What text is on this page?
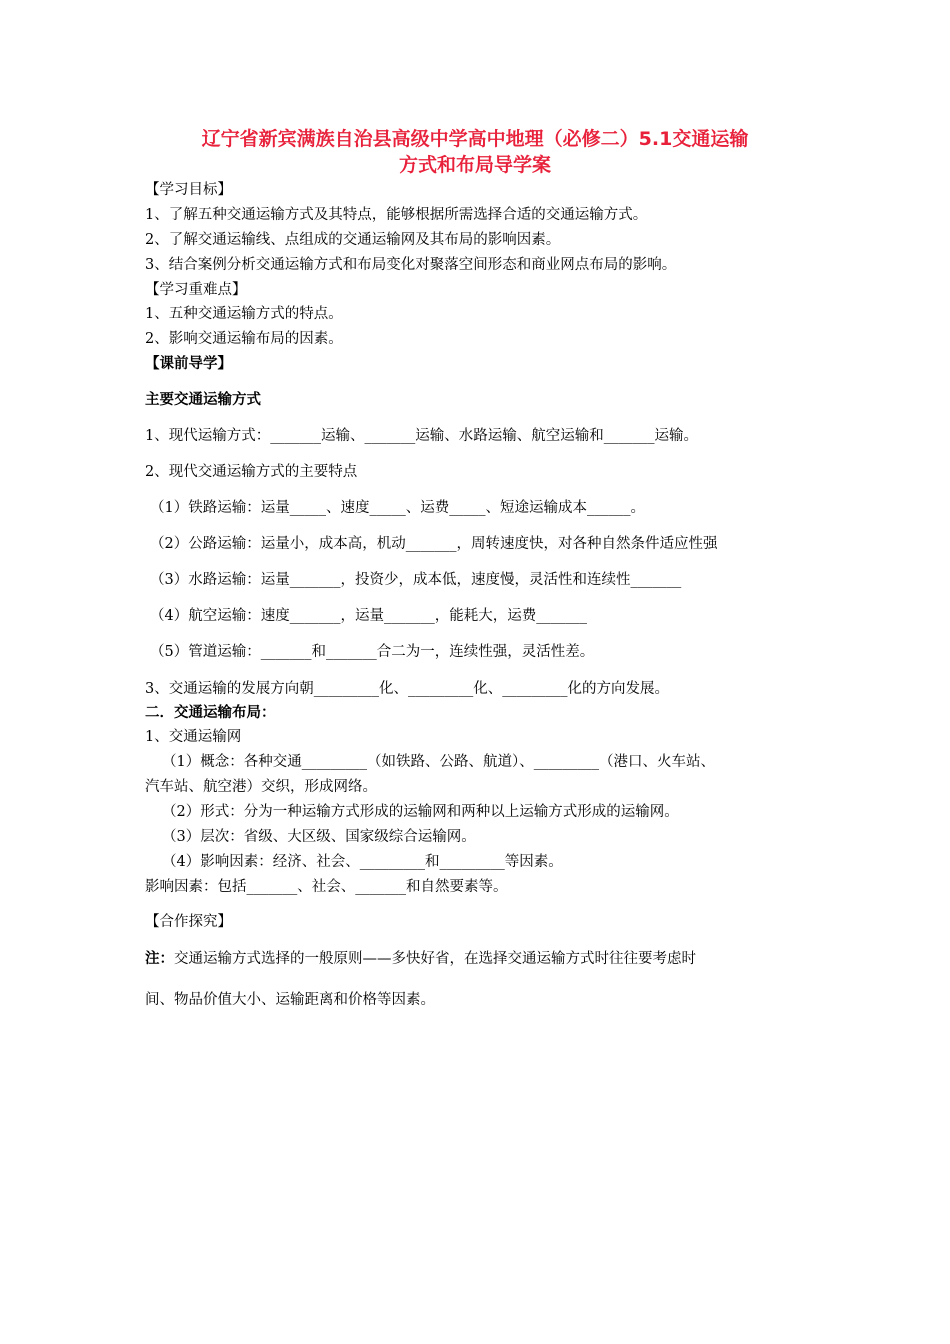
辽宁省新宾满族自治县高级中学高中地理（必修二）5.1交通运输
方式和布局导学案
【学习目标】
1、了解五种交通运输方式及其特点，能够根据所需选择合适的交通运输方式。
2、了解交通运输线、点组成的交通运输网及其布局的影响因素。
3、结合案例分析交通运输方式和布局变化对聚落空间形态和商业网点布局的影响。
【学习重难点】
1、五种交通运输方式的特点。
2、影响交通运输布局的因素。
【课前导学】
主要交通运输方式
1、现代运输方式：_______运输、_______运输、水路运输、航空运输和_______运输。
2、现代交通运输方式的主要特点
（1）铁路运输：运量_____、速度_____、运费_____、短途运输成本______。
（2）公路运输：运量小，成本高，机动_______，周转速度快，对各种自然条件适应性强
（3）水路运输：运量_______，投资少，成本低，速度慢，灵活性和连续性_______
（4）航空运输：速度_______，运量_______，能耗大，运费_______
（5）管道运输：_______和_______合二为一，连续性强，灵活性差。
3、交通运输的发展方向朝_________化、_________化、_________化的方向发展。
二．交通运输布局：
1、交通运输网
（1）概念：各种交通_________（如铁路、公路、航道）、_________（港口、火车站、
汽车站、航空港）交织，形成网络。
（2）形式：分为一种运输方式形成的运输网和两种以上运输方式形成的运输网。
（3）层次：省级、大区级、国家级综合运输网。
（4）影响因素：经济、社会、_________和_________等因素。
影响因素：包括_______、社会、_______和自然要素等。
【合作探究】
注：交通运输方式选择的一般原则——多快好省，在选择交通运输方式时往往要考虑时
间、物品价值大小、运输距离和价格等因素。
